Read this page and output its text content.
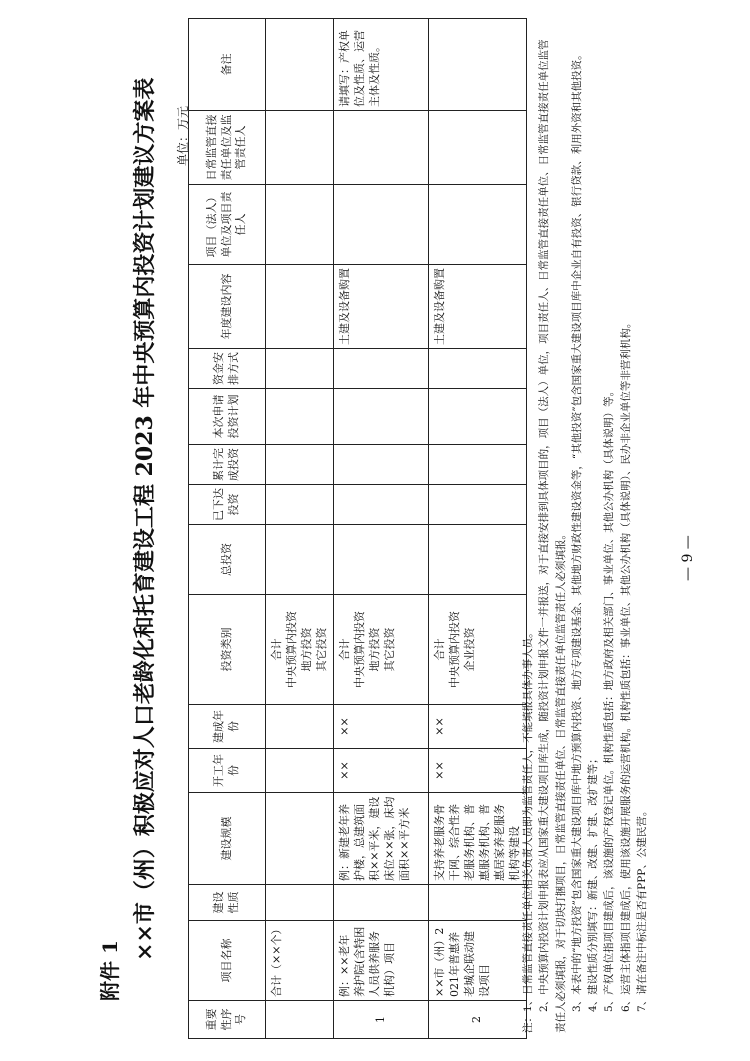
附件 1
××市（州）积极应对人口老龄化和托育建设工程 2023 年中央预算内投资计划建议方案表 单位：万元
重要性序号	项目名称	建设性质	建设规模	开工年份	建成年份	投资类别	总投资	已下达投资	累计完成投资	本次申请投资计划	资金安排方式	年度建设内容	项目（法人）单位及项目责任人	日常监管直接责任单位及监管责任人	备注
	合计（××个）					合计
中央预算内投资
地方投资
其它投资									
1	例：××老年养护院(含特困人员供养服务机构）项目		例：新建老年养护楼，总建筑面积××平米，建设床位××张，床均面积××平方米	××	××	合计
中央预算内投资
地方投资
其它投资						土建及设备购置			请填写：产权单位及性质、运营主体及性质。
2	××市（州）2021年普惠养老城企联动建设项目		支持养老服务骨干网、综合性养老服务机构、普惠服务机构、普惠居家养老服务机构等建设	××	××	合计
中央预算内投资
企业投资						土建及设备购置			
注：1、日常监管直接责任单位相关负责人员即为监管责任人，不能填报具体办事人员。 2、中央预算内投资计划申报表应从国家重大建设项目库生成，随投资计划申报文件一并报送，对于直接安排到具体项目的，项目（法人）单位，项目责任人、日常监管直接责任单位、日常监管直接责任单位监管责任人必须填报，对于切块打捆项目，日常监管直接责任单位、日常监管直接责任单位监管责任人必须填报。 3、本表中的“地方投资”包含国家重大建设项目库中地方预算内投资、地方专项建设基金、其他地方财政性建设资金等，“其他投资”包含国家重大建设项目库中企业自有投资、银行贷款、利用外资和其他投资。 4、建设性质分别填写：新建、改建、扩建、改扩建等； 5、产权单位指项目建成后，该设施的产权登记单位。机构性质包括：地方政府及相关部门、事业单位、其他公办机构（具体说明）等。 6、运营主体指项目建成后，使用该设施开展服务的运营机构。机构性质包括：事业单位、其他公办机构（具体说明）、民办非企业单位等非营利机构。 7、请在备注中标注是否有PPP、公建民营。
— 9 —
